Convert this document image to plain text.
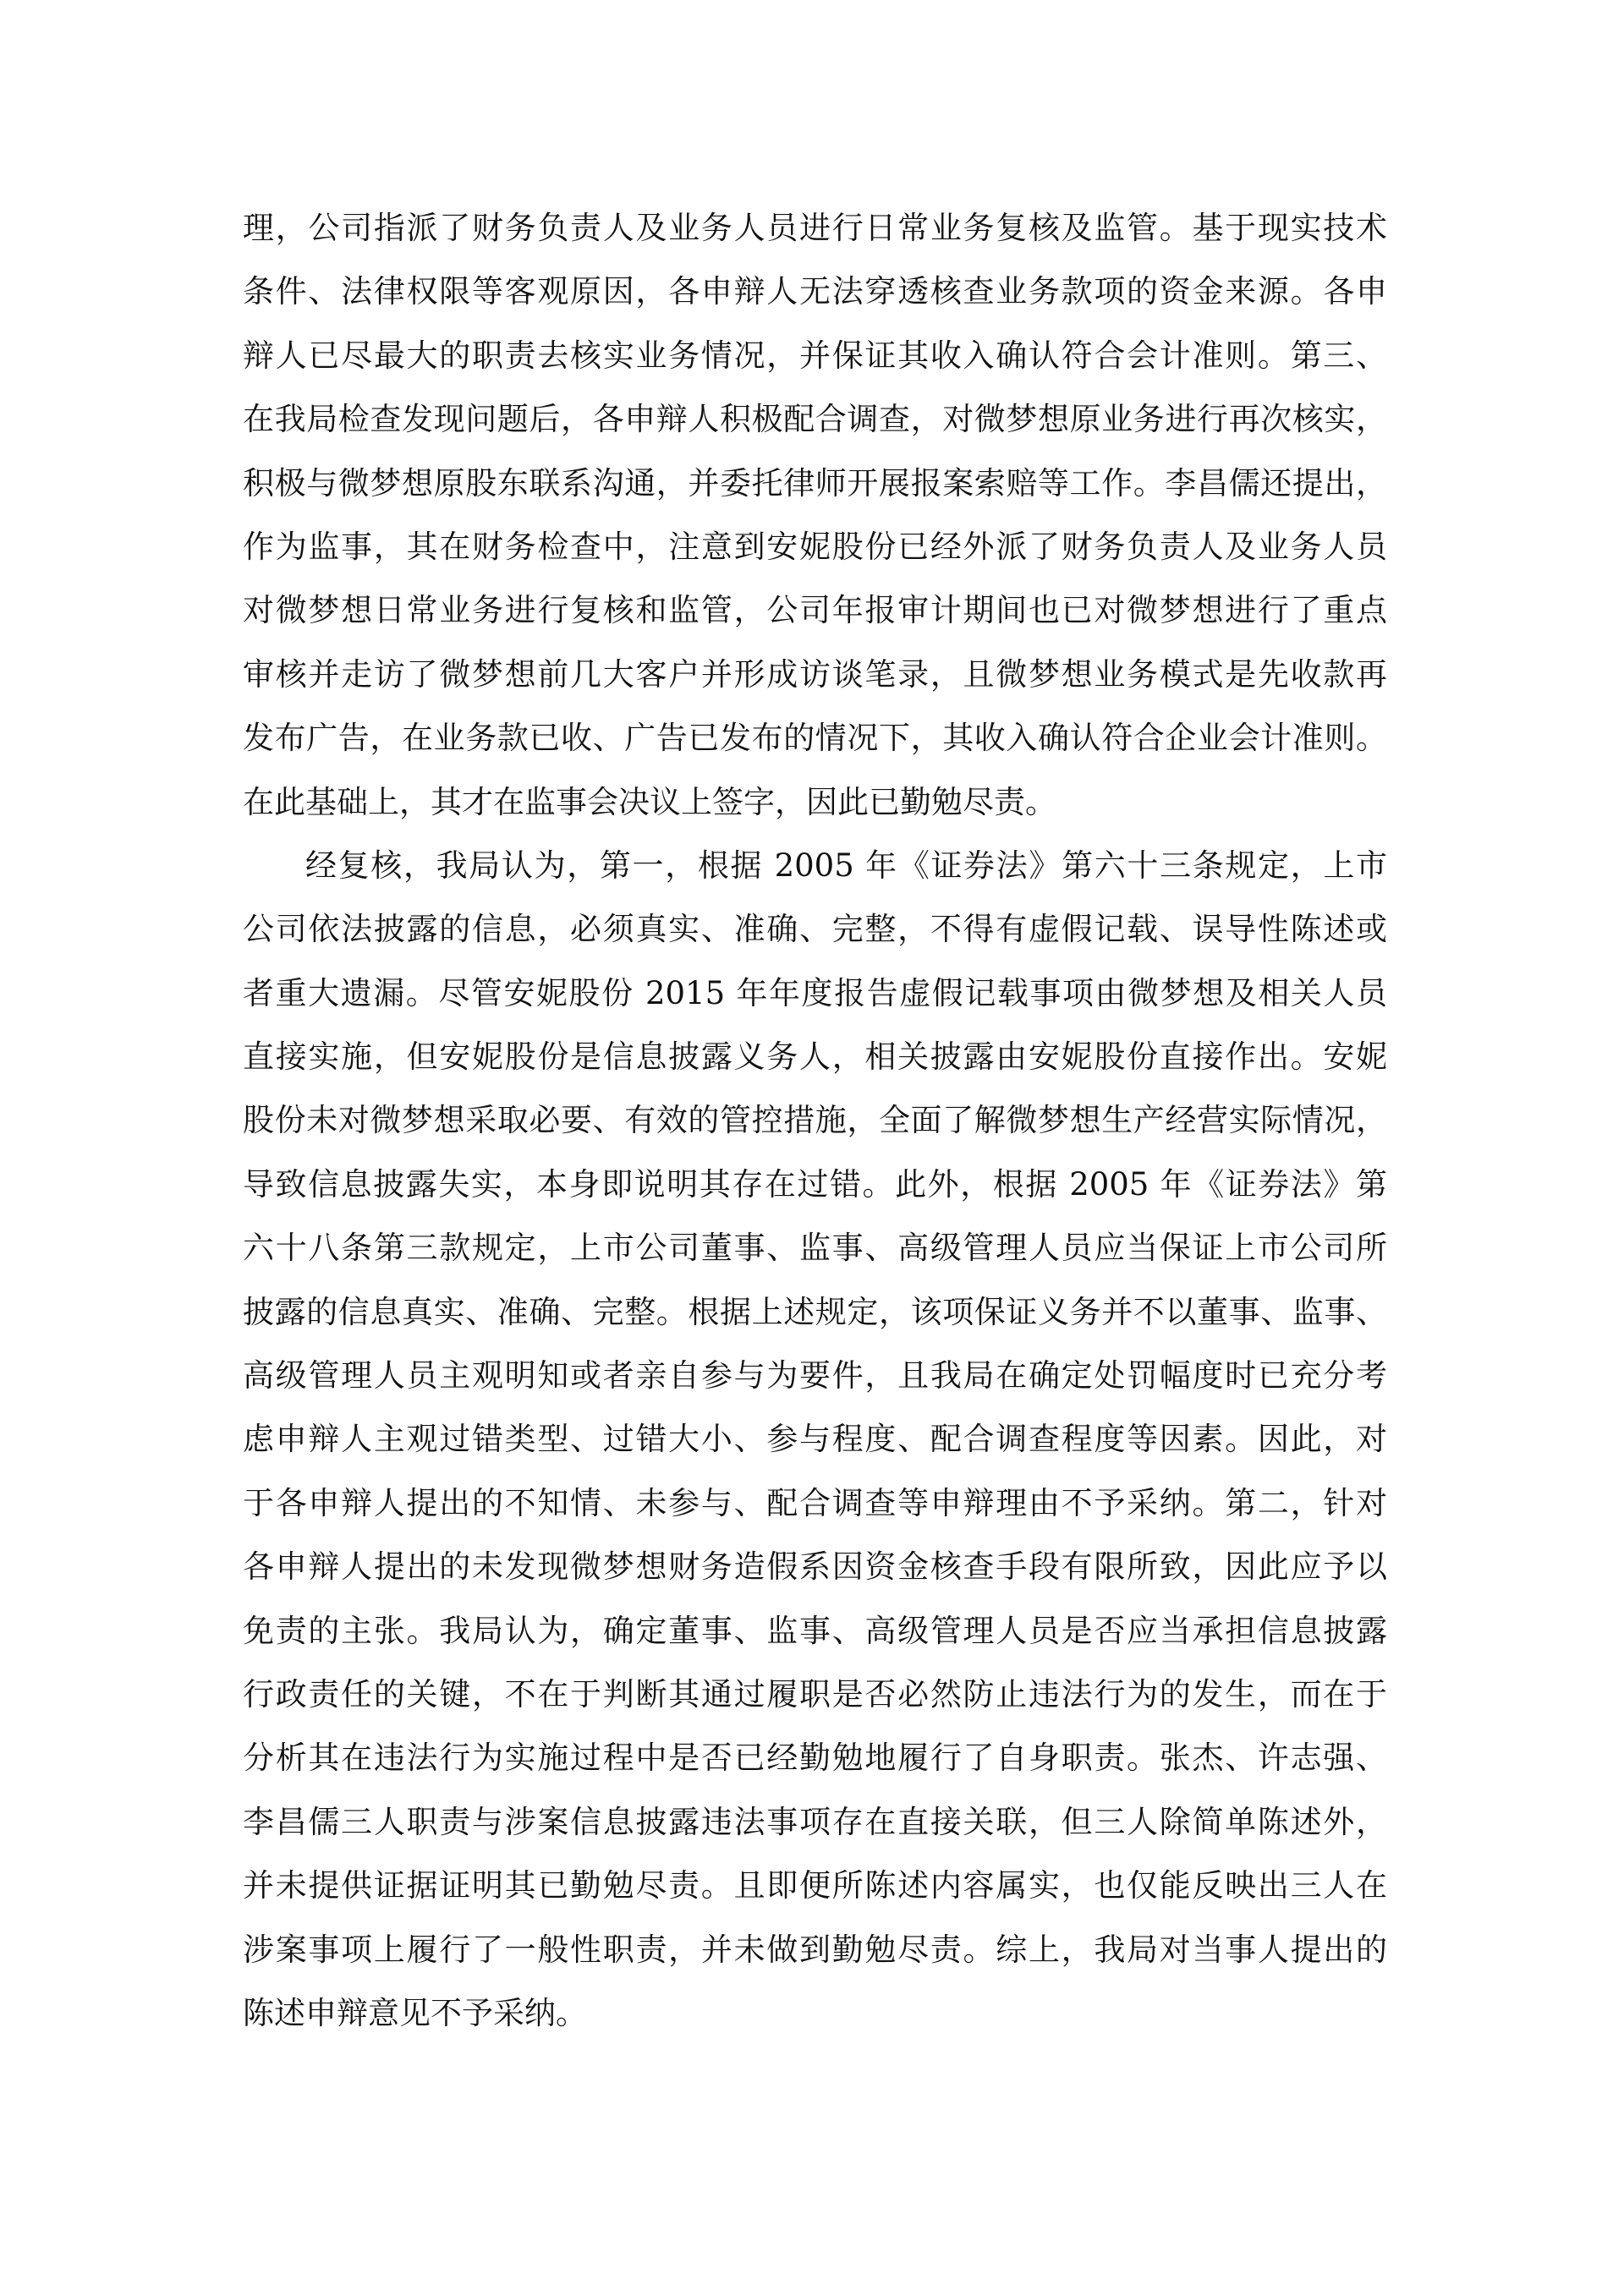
理，公司指派了财务负责人及业务人员进行日常业务复核及监管。基于现实技术
条件、法律权限等客观原因，各申辩人无法穿透核查业务款项的资金来源。各申
辩人已尽最大的职责去核实业务情况，并保证其收入确认符合会计准则。第三、
在我局检查发现问题后，各申辩人积极配合调查，对微梦想原业务进行再次核实，
积极与微梦想原股东联系沟通，并委托律师开展报案索赔等工作。李昌儒还提出，
作为监事，其在财务检查中，注意到安妮股份已经外派了财务负责人及业务人员
对微梦想日常业务进行复核和监管，公司年报审计期间也已对微梦想进行了重点
审核并走访了微梦想前几大客户并形成访谈笔录，且微梦想业务模式是先收款再
发布广告，在业务款已收、广告已发布的情况下，其收入确认符合企业会计准则。
在此基础上，其才在监事会决议上签字，因此已勤勉尽责。
经复核，我局认为，第一，根据 2005 年《证券法》第六十三条规定，上市
公司依法披露的信息，必须真实、准确、完整，不得有虚假记载、误导性陈述或
者重大遗漏。尽管安妮股份 2015 年年度报告虚假记载事项由微梦想及相关人员
直接实施，但安妮股份是信息披露义务人，相关披露由安妮股份直接作出。安妮
股份未对微梦想采取必要、有效的管控措施，全面了解微梦想生产经营实际情况，
导致信息披露失实，本身即说明其存在过错。此外，根据 2005 年《证券法》第
六十八条第三款规定，上市公司董事、监事、高级管理人员应当保证上市公司所
披露的信息真实、准确、完整。根据上述规定，该项保证义务并不以董事、监事、
高级管理人员主观明知或者亲自参与为要件，且我局在确定处罚幅度时已充分考
虑申辩人主观过错类型、过错大小、参与程度、配合调查程度等因素。因此，对
于各申辩人提出的不知情、未参与、配合调查等申辩理由不予采纳。第二，针对
各申辩人提出的未发现微梦想财务造假系因资金核查手段有限所致，因此应予以
免责的主张。我局认为，确定董事、监事、高级管理人员是否应当承担信息披露
行政责任的关键，不在于判断其通过履职是否必然防止违法行为的发生，而在于
分析其在违法行为实施过程中是否已经勤勉地履行了自身职责。张杰、许志强、
李昌儒三人职责与涉案信息披露违法事项存在直接关联，但三人除简单陈述外，
并未提供证据证明其已勤勉尽责。且即便所陈述内容属实，也仅能反映出三人在
涉案事项上履行了一般性职责，并未做到勤勉尽责。综上，我局对当事人提出的
陈述申辩意见不予采纳。
